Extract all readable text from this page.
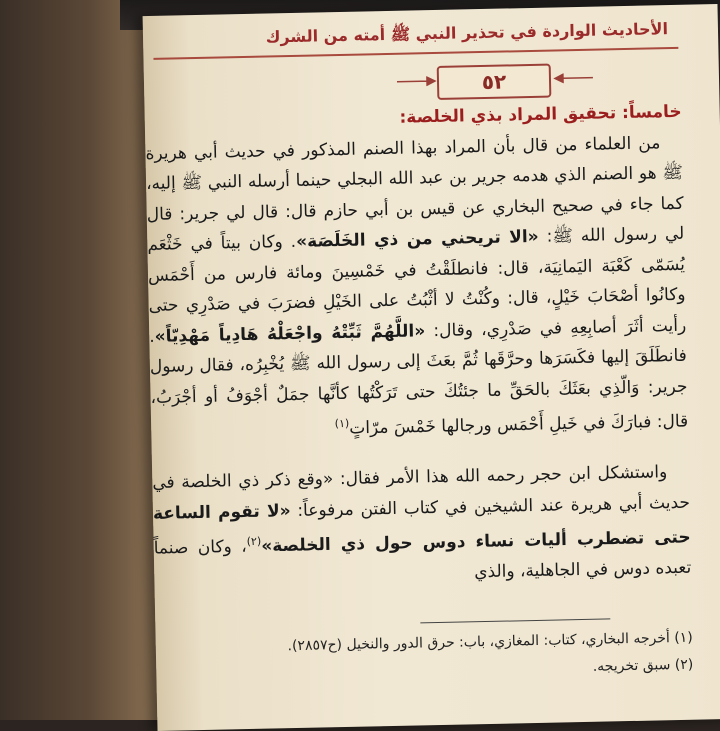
الأحاديث الواردة في تحذير النبي ﷺ أمته من الشرك
٥٢
خامساً: تحقيق المراد بذي الخلصة:
من العلماء من قال بأن المراد بهذا الصنم المذكور في حديث أبي هريرة ﷺ هو الصنم الذي هدمه جرير بن عبد الله البجلي حينما أرسله النبي ﷺ إليه، كما جاء في صحيح البخاري عن قيس بن أبي حازم قال: قال لي جرير: قال لي رسول الله ﷺ: «الا تريحني من ذي الخَلَصَة». وكان بيتاً في خَثْعَم يُسَمّى كَعْبَة اليَمانِيَة، قال: فانطلَقْتُ في خَمْسِينَ ومائة فارس من أَحْمَس وكانُوا أصْحَابَ خَيْلٍ، قال: وكُنْتُ لا أثْبُتُ على الخَيْلِ فضرَبَ في صَدْرِي حتى رأيت أثَرَ أصابِعِهِ في صَدْرِي، وقال: «اللَّهُمَّ ثَبِّتْهُ واجْعَلْهُ هَادِياً مَهْدِيّاً». فانطَلَقَ إليها فكَسَرَها وحرَّقَها ثُمَّ بعَثَ إلى رسول الله ﷺ يُخْبِرُه، فقال رسول جرير: وَالّذِي بعَثَكَ بالحَقِّ ما جئتُكَ حتى تَرَكْتُها كأنَّها جمَلٌ أجْوَفُ أو أجْرَبُ، قال: فبارَكَ في خَيلِ أَحْمَس ورجالها خَمْسَ مرّاتٍ$^{(١)}$
واستشكل ابن حجر رحمه الله هذا الأمر فقال: «وقع ذكر ذي الخلصة في حديث أبي هريرة عند الشيخين في كتاب الفتن مرفوعاً: «لا تقوم الساعة حتى تضطرب أليات نساء دوس حول ذي الخلصة»$^{(٢)}$، وكان صنماً تعبده دوس في الجاهلية، والذي
(١) أخرجه البخاري، كتاب: المغازي، باب: حرق الدور والنخيل (ح٢٨٥٧).
(٢) سبق تخريجه.
